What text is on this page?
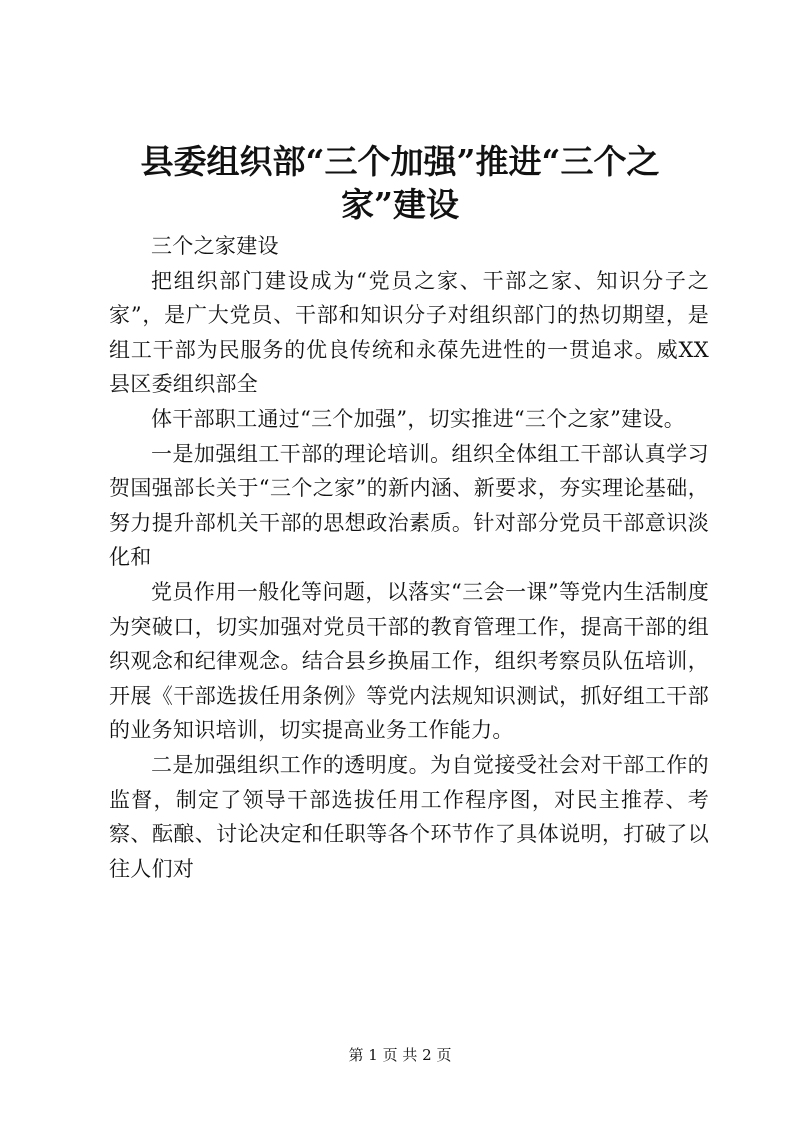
县委组织部“三个加强”推进“三个之家”建设

三个之家建设

把组织部门建设成为“党员之家、干部之家、知识分子之家”，是广大党员、干部和知识分子对组织部门的热切期望，是组工干部为民服务的优良传统和永葆先进性的一贯追求。威XX县区委组织部全

体干部职工通过“三个加强”，切实推进“三个之家”建设。

一是加强组工干部的理论培训。组织全体组工干部认真学习贺国强部长关于“三个之家”的新内涵、新要求，夯实理论基础，努力提升部机关干部的思想政治素质。针对部分党员干部意识淡化和

党员作用一般化等问题，以落实“三会一课”等党内生活制度为突破口，切实加强对党员干部的教育管理工作，提高干部的组织观念和纪律观念。结合县乡换届工作，组织考察员队伍培训，开展《干部选拔任用条例》等党内法规知识测试，抓好组工干部的业务知识培训，切实提高业务工作能力。

二是加强组织工作的透明度。为自觉接受社会对干部工作的监督，制定了领导干部选拔任用工作程序图，对民主推荐、考察、酝酿、讨论决定和任职等各个环节作了具体说明，打破了以往人们对

第 1 页 共 2 页
